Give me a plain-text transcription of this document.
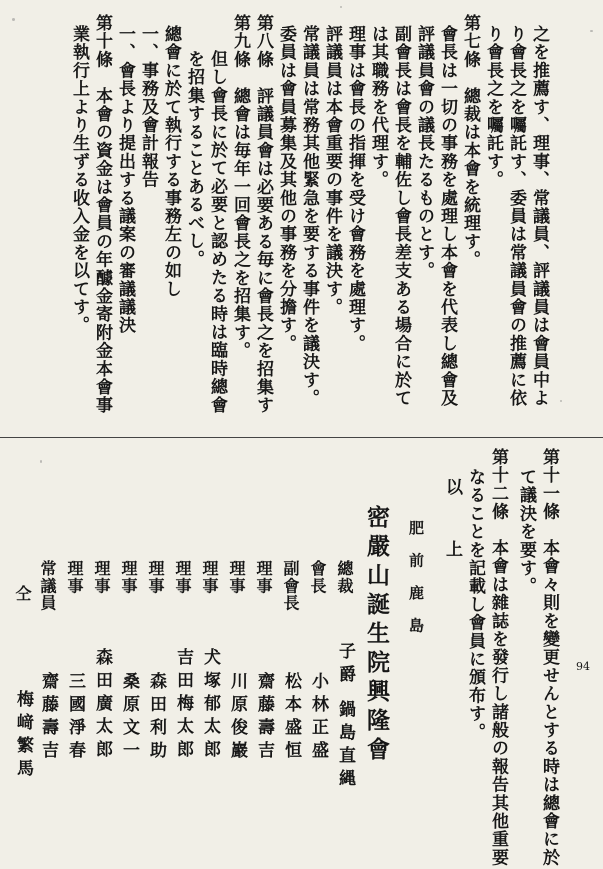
之を推薦す、理事、常議員、評議員は會員中よ
り會長之を囑託す、委員は常議員會の推薦に依
り會長之を囑託す。
第七條　總裁は本會を統理す。
會長は一切の事務を處理し本會を代表し總會及
評議員會の議長たるものとす。
副會長は會長を輔佐し會長差支ある場合に於て
は其職務を代理す。
理事は會長の指揮を受け會務を處理す。
評議員は本會重要の事件を議決す。
常議員は常務其他緊急を要する事件を議決す。
委員は會員募集及其他の事務を分擔す。
第八條　評議員會は必要ある毎に會長之を招集す
第九條　總會は毎年一回會長之を招集す。
但し會長に於て必要と認めたる時は臨時總會
を招集することあるべし。
總會に於て執行する事務左の如し
一、事務及會計報告
一、會長より提出する議案の審議議決
第十條　本會の資金は會員の年醵金寄附金本會事
業執行上より生ずる收入金を以てす。
第十一條　本會々則を變更せんとする時は總會に於
て議決を要す。
第十二條　本會は雜誌を發行し諸般の報告其他重要
なることを記載し會員に頒布す。
以　上
肥　前　鹿　島
密嚴山誕生院興隆會
總裁
子爵 鍋島直縄
會長
小林正盛
副會長
松本盛恒
理事
齋藤壽吉
理事
川原俊巖
理事
犬塚郁太郎
理事
吉田梅太郎
理事
森田利助
理事
桑原文一
理事
森田廣太郎
理事
三國淨春
常議員
齋藤壽吉
仝
梅﨑繁馬
94
